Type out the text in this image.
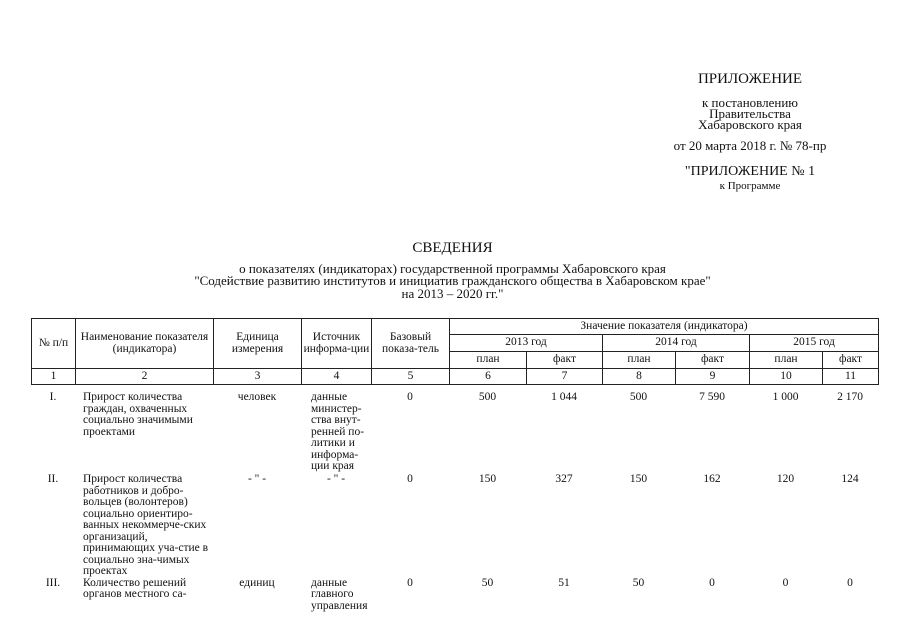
ПРИЛОЖЕНИЕ
к постановлению
Правительства
Хабаровского края
от 20 марта 2018 г. № 78-пр
"ПРИЛОЖЕНИЕ № 1
к Программе
СВЕДЕНИЯ
о показателях (индикаторах) государственной программы Хабаровского края
"Содействие развитию институтов и инициатив гражданского общества в Хабаровском крае"
на 2013 – 2020 гг."
№ п/п	Наименование показателя (индикатора)	Единица измерения	Источник информа-ции	Базовый показа-тель	Значение показателя (индикатора)					
					2013 год		2014 год		2015 год	
					план	факт	план	факт	план	факт
1	2	3	4	5	6	7	8	9	10	11
I.	Прирост количества граждан, охваченных социально значимыми проектами	человек	данные министер-ства внут-ренней по-литики и информа-ции края	0	500	1 044	500	7 590	1 000	2 170
II.	Прирост количества работников и добро-вольцев (волонтеров) социально ориентиро-ванных некоммерче-ских организаций, принимающих уча-стие в социально зна-чимых проектах	- " -	- " -	0	150	327	150	162	120	124
III.	Количество решений органов местного са-	единиц	данные главного управления	0	50	51	50	0	0	0
